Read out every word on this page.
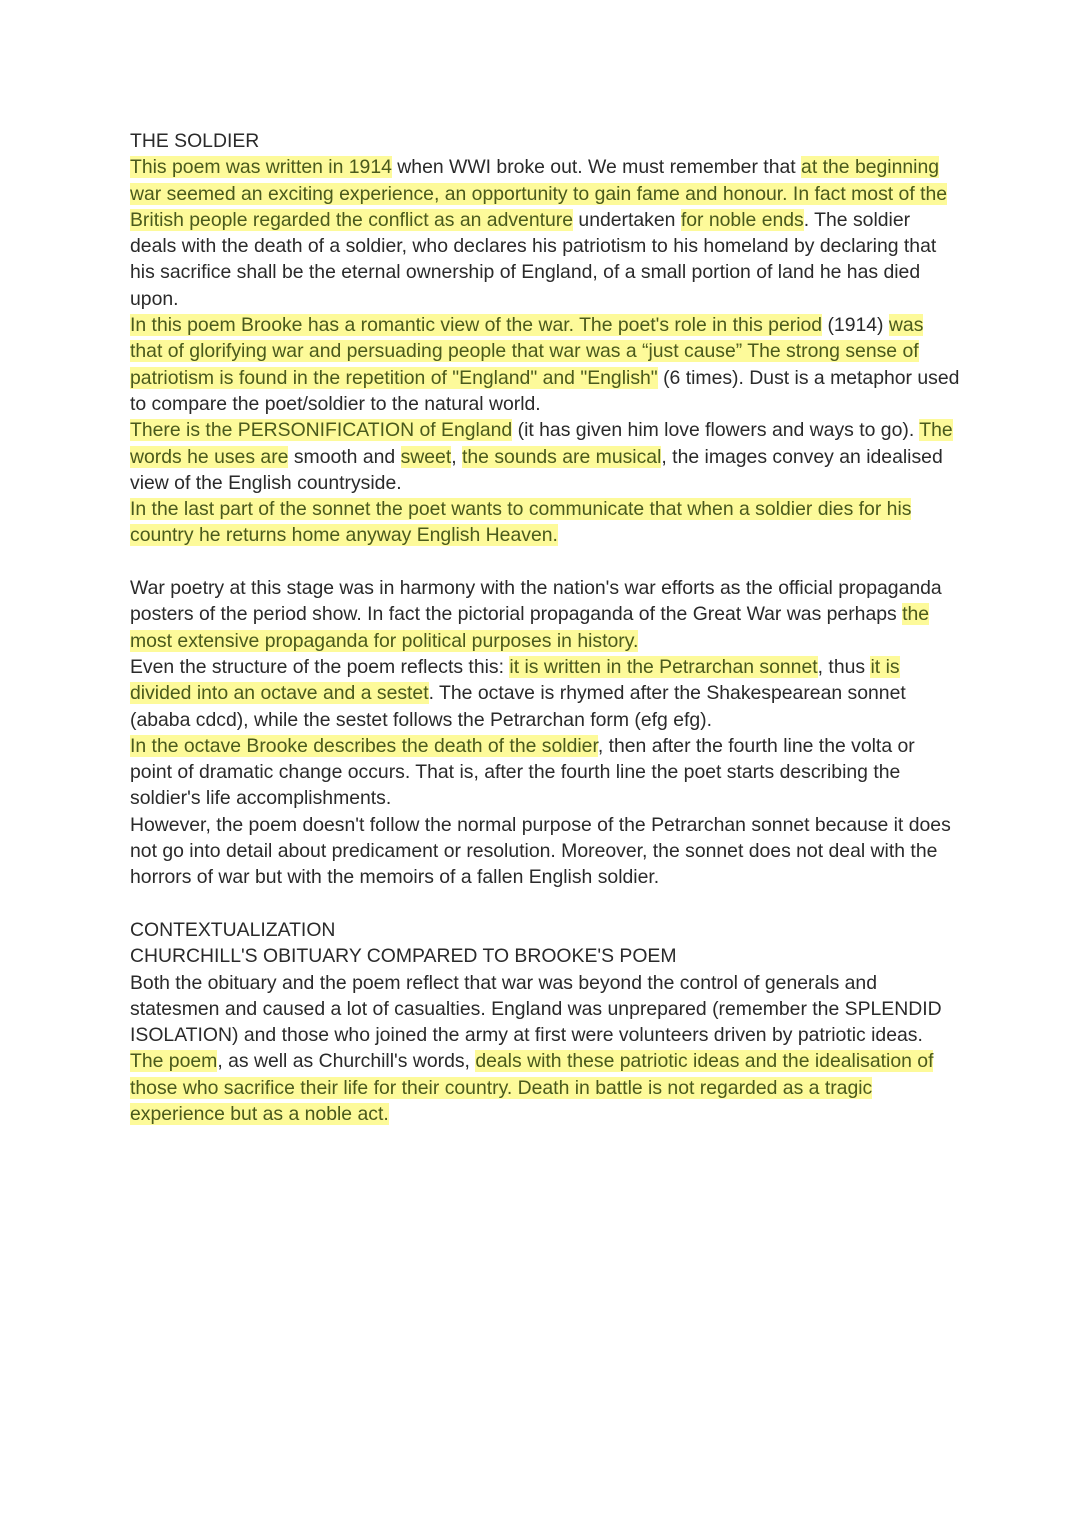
THE SOLDIER

This poem was written in 1914 when WWI broke out. We must remember that at the beginning war seemed an exciting experience, an opportunity to gain fame and honour. In fact most of the British people regarded the conflict as an adventure undertaken for noble ends. The soldier deals with the death of a soldier, who declares his patriotism to his homeland by declaring that his sacrifice shall be the eternal ownership of England, of a small portion of land he has died upon.

In this poem Brooke has a romantic view of the war. The poet's role in this period (1914) was that of glorifying war and persuading people that war was a “just cause” The strong sense of patriotism is found in the repetition of "England" and "English" (6 times). Dust is a metaphor used to compare the poet/soldier to the natural world.

There is the PERSONIFICATION of England (it has given him love flowers and ways to go). The words he uses are smooth and sweet, the sounds are musical, the images convey an idealised view of the English countryside.

In the last part of the sonnet the poet wants to communicate that when a soldier dies for his country he returns home anyway English Heaven.

War poetry at this stage was in harmony with the nation's war efforts as the official propaganda posters of the period show. In fact the pictorial propaganda of the Great War was perhaps the most extensive propaganda for political purposes in history.

Even the structure of the poem reflects this: it is written in the Petrarchan sonnet, thus it is divided into an octave and a sestet. The octave is rhymed after the Shakespearean sonnet (ababa cdcd), while the sestet follows the Petrarchan form (efg efg).

In the octave Brooke describes the death of the soldier, then after the fourth line the volta or point of dramatic change occurs. That is, after the fourth line the poet starts describing the soldier's life accomplishments.

However, the poem doesn't follow the normal purpose of the Petrarchan sonnet because it does not go into detail about predicament or resolution. Moreover, the sonnet does not deal with the horrors of war but with the memoirs of a fallen English soldier.

CONTEXTUALIZATION
CHURCHILL'S OBITUARY COMPARED TO BROOKE'S POEM

Both the obituary and the poem reflect that war was beyond the control of generals and statesmen and caused a lot of casualties. England was unprepared (remember the SPLENDID ISOLATION) and those who joined the army at first were volunteers driven by patriotic ideas. The poem, as well as Churchill's words, deals with these patriotic ideas and the idealisation of those who sacrifice their life for their country. Death in battle is not regarded as a tragic experience but as a noble act.
